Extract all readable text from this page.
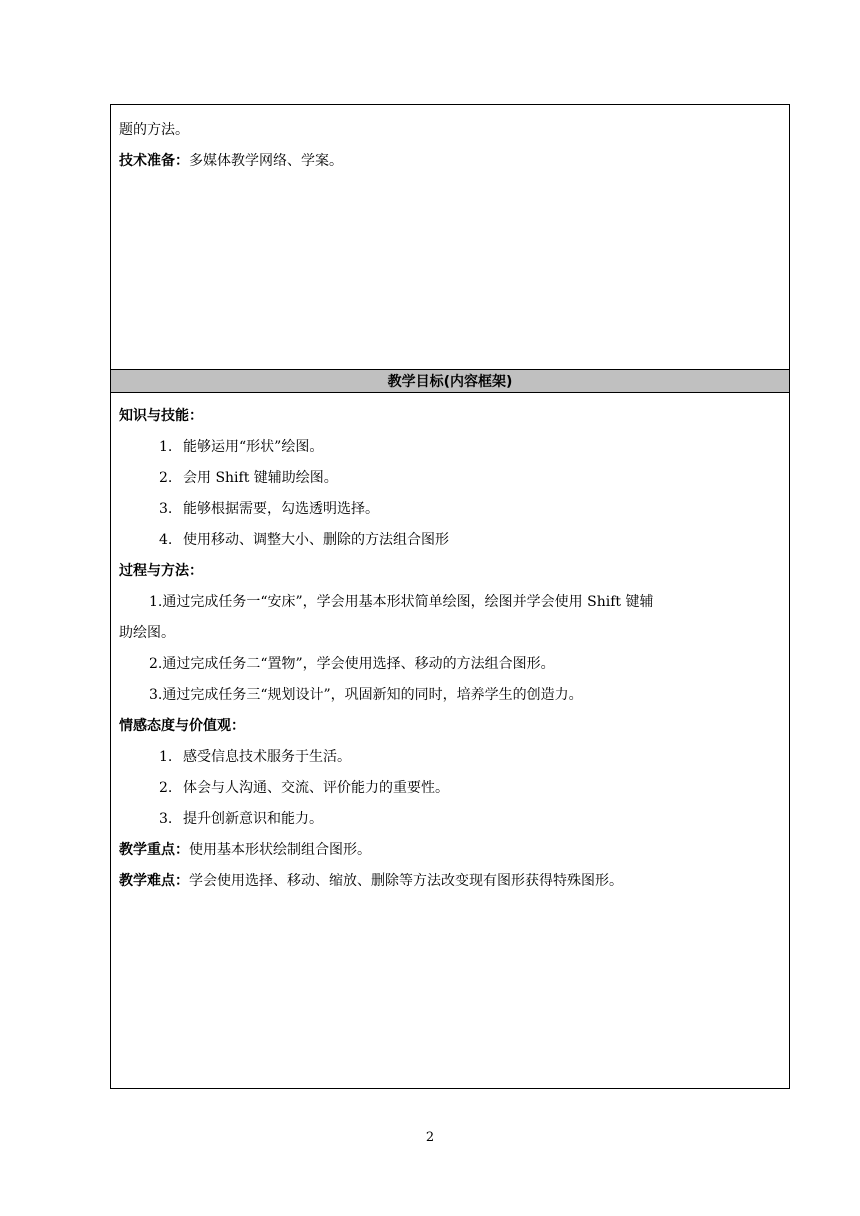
题的方法。
技术准备：多媒体教学网络、学案。
教学目标(内容框架)
知识与技能：
1. 能够运用“形状”绘图。
2. 会用 Shift 键辅助绘图。
3. 能够根据需要，勾选透明选择。
4. 使用移动、调整大小、删除的方法组合图形
过程与方法：
1.通过完成任务一“安床”，学会用基本形状简单绘图，绘图并学会使用 Shift 键辅
助绘图。
2.通过完成任务二“置物”，学会使用选择、移动的方法组合图形。
3.通过完成任务三“规划设计”，巩固新知的同时，培养学生的创造力。
情感态度与价值观：
1. 感受信息技术服务于生活。
2. 体会与人沟通、交流、评价能力的重要性。
3. 提升创新意识和能力。
教学重点：使用基本形状绘制组合图形。
教学难点：学会使用选择、移动、缩放、删除等方法改变现有图形获得特殊图形。
2
